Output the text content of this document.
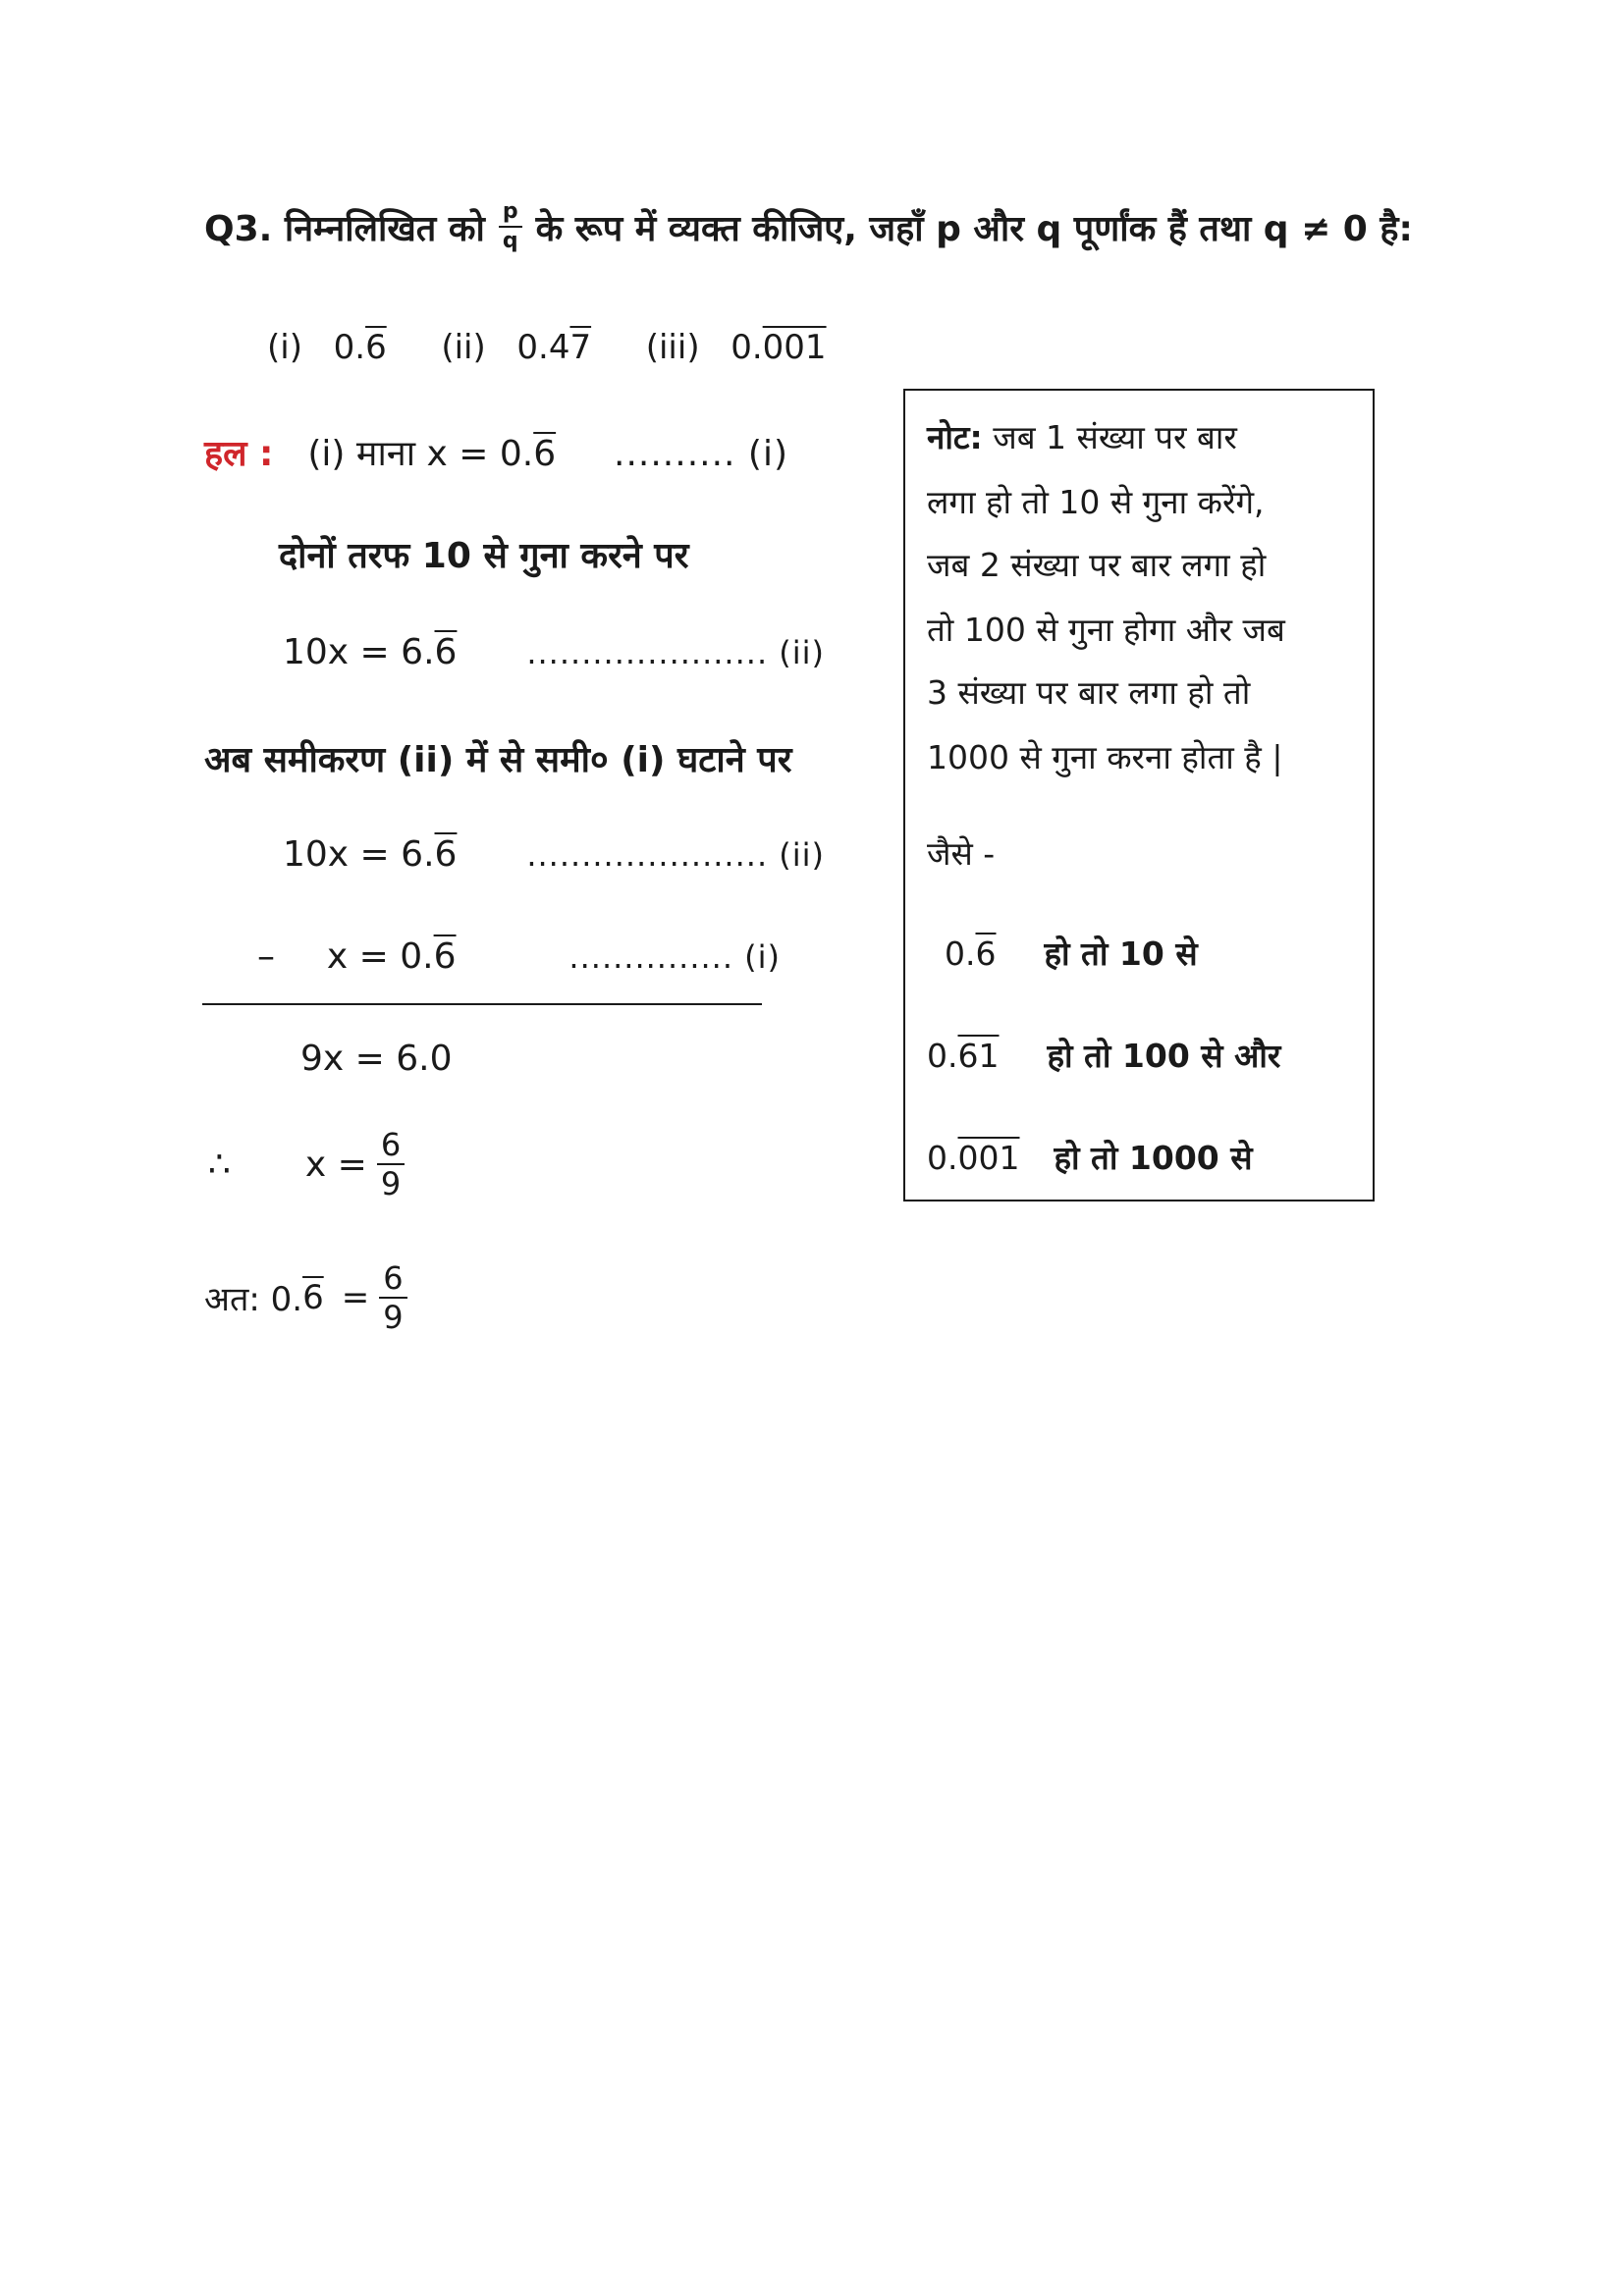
Q3. निम्नलिखित को $\frac{p}{q}$ के रूप में व्यक्त कीजिए, जहाँ p और q पूर्णांक हैं तथा q ≠ 0 है:
(i) 0.6 (ii) 0.47 (iii) 0.001
हल : (i) माना x = 0.6 .......... (i)
दोनों तरफ 10 से गुना करने पर
10x = 6.6 ...................... (ii)
अब समीकरण (ii) में से समी० (i) घटाने पर
10x = 6.6 ...................... (ii)
– x = 0.6	............... (i)
9x = 6.0
∴ $x = \frac{6}{9}$
अत: 0. $6 = \frac{6}{9}$
नोट: जब 1 संख्या पर बार
लगा हो तो 10 से गुना करेंगे,
जब 2 संख्या पर बार लगा हो
तो 100 से गुना होगा और जब
3 संख्या पर बार लगा हो तो
1000 से गुना करना होता है |
जैसे -
0.6 हो तो 10 से
0.61 हो तो 100 से और
0.001 हो तो 1000 से
